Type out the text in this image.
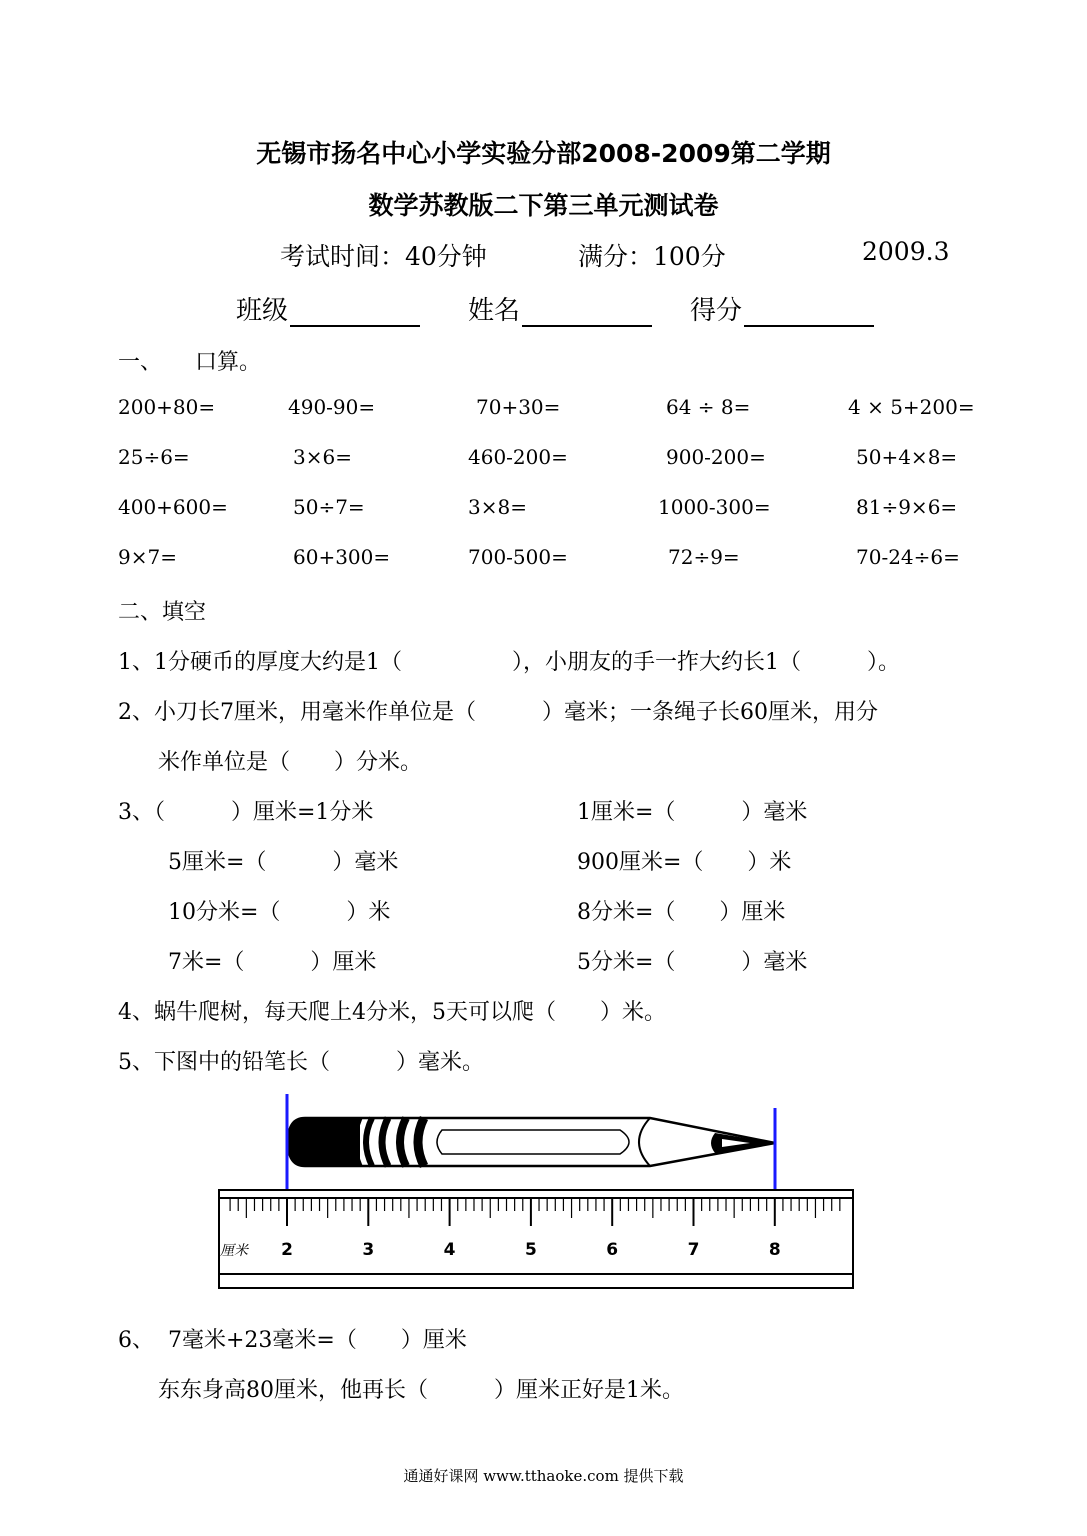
无锡市扬名中心小学实验分部2008-2009第二学期
数学苏教版二下第三单元测试卷
考试时间：40分钟	满分：100分	2009.3
班级	姓名	得分
一、 口算。
200+80=	490-90=	70+30=	64 ÷ 8=	4 × 5+200=
25÷6=	3×6=	460-200=	900-200=	50+4×8=
400+600=	50÷7=	3×8=	1000-300=	81÷9×6=
9×7=	60+300=	700-500=	72÷9=	70-24÷6=
二、填空
1、1分硬币的厚度大约是1（　　　　　），小朋友的手一拃大约长1（　　　）。
2、小刀长7厘米，用毫米作单位是（　　　）毫米；一条绳子长60厘米，用分
米作单位是（　　）分米。
3、（　　　）厘米=1分米	1厘米=（　　　）毫米
5厘米=（　　　）毫米	900厘米=（　　）米
10分米=（　　　）米	8分米=（　　）厘米
7米=（　　　）厘米	5分米=（　　　）毫米
4、蜗牛爬树，每天爬上4分米，5天可以爬（　　）米。
5、下图中的铅笔长（　　　）毫米。
厘米 2	3	4	5	6	7	8
6、 7毫米+23毫米=（　　）厘米
东东身高80厘米，他再长（　　　）厘米正好是1米。
通通好课网 www.tthaoke.com 提供下载
